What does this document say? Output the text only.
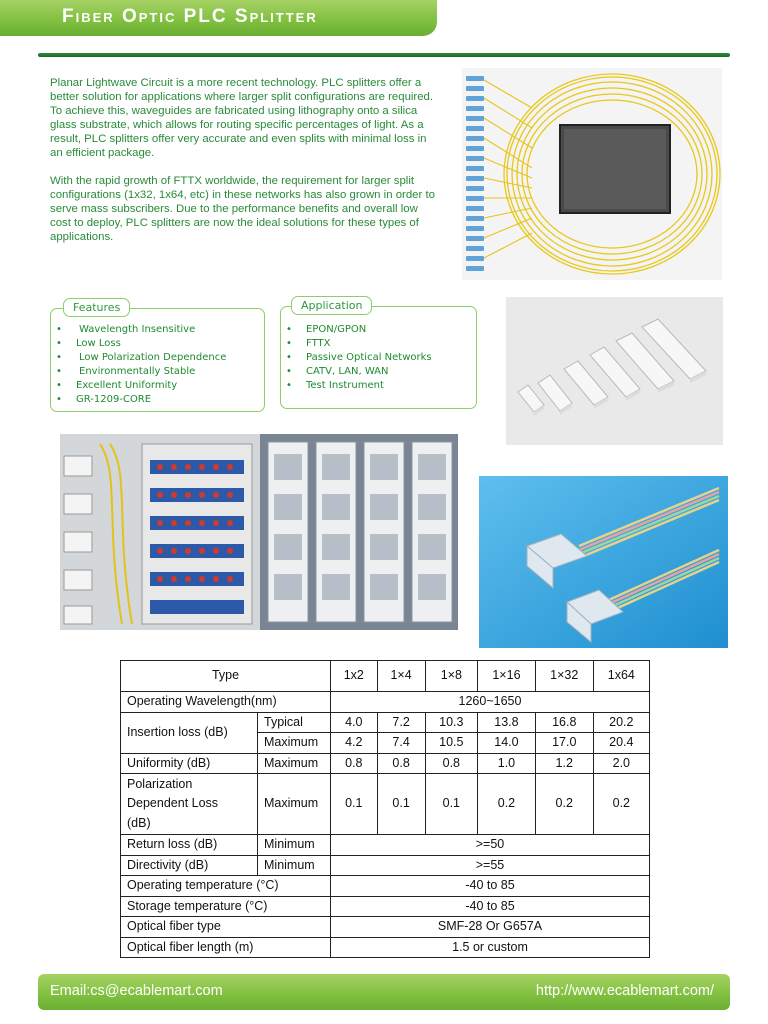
Fiber Optic PLC Splitter

Planar Lightwave Circuit is a more recent technology. PLC splitters offer a better solution for applications where larger split configurations are required. To achieve this, waveguides are fabricated using lithography onto a silica glass substrate, which allows for routing specific percentages of light. As a result, PLC splitters offer very accurate and even splits with minimal loss in an efficient package.

With the rapid growth of FTTX worldwide, the requirement for larger split configurations (1x32, 1x64, etc) in these networks has also grown in order to serve mass subscribers. Due to the performance benefits and overall low cost to deploy, PLC splitters are now the ideal solutions for these types of applications.

Features
• Wavelength Insensitive
• Low Loss
• Low Polarization Dependence
• Environmentally Stable
• Excellent Uniformity
• GR-1209-CORE
Application
• EPON/GPON
• FTTX
• Passive Optical Networks
• CATV, LAN, WAN
• Test Instrument
Type		1x2	1×4	1×8	1×16	1×32	1x64
Operating Wavelength(nm)		1260~1650					
Insertion loss (dB)	Typical	4.0	7.2	10.3	13.8	16.8	20.2
	Maximum	4.2	7.4	10.5	14.0	17.0	20.4
Uniformity (dB)	Maximum	0.8	0.8	0.8	1.0	1.2	2.0

Polarization
Dependent Loss
(dB)	Maximum	0.1	0.1	0.1	0.2	0.2	0.2
Return loss (dB)	Minimum	>=50					
Directivity (dB)	Minimum	>=55					
Operating temperature (°C)		-40 to 85					
Storage temperature (°C)		-40 to 85					
Optical fiber type		SMF-28 Or G657A					
Optical fiber length (m)		1.5 or custom					
Email:cs@ecablemart.com	http://www.ecablemart.com/
